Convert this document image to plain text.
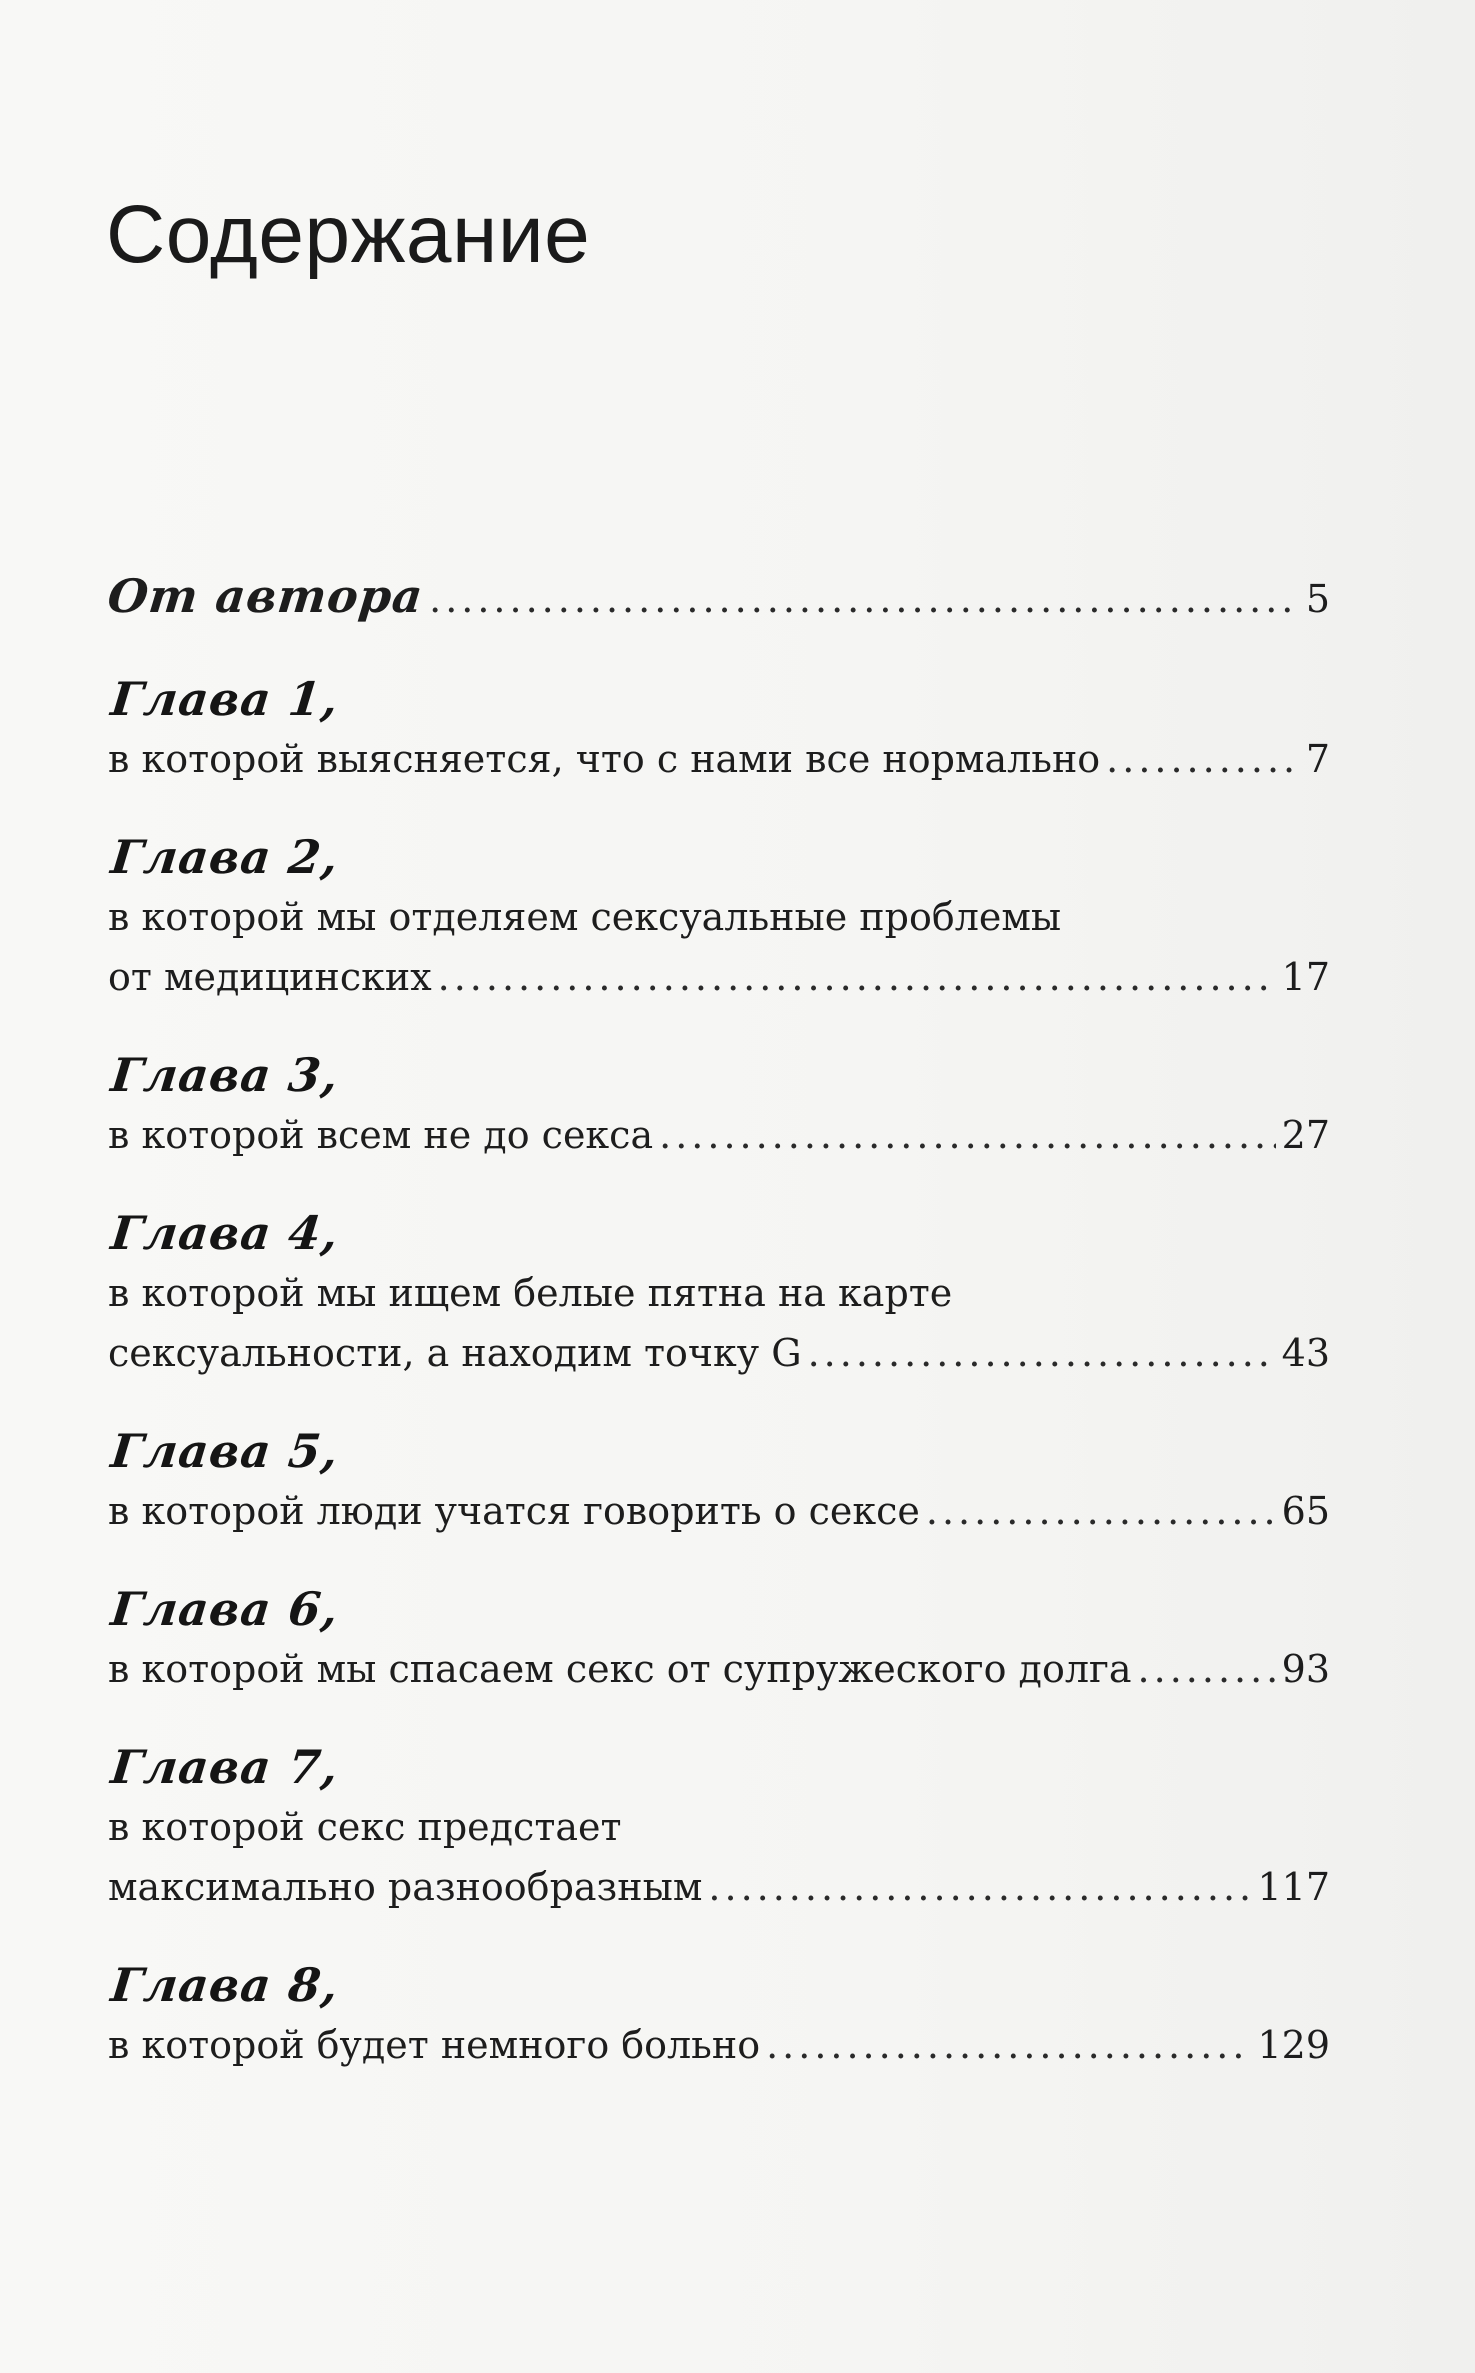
Содержание
От автора .....	5
Глава 1,
в которой выясняется, что с нами все нормально .....	7
Глава 2,
в которой мы отделяем сексуальные проблемы
от медицинских .....	17
Глава 3,
в которой всем не до секса .....	27
Глава 4,
в которой мы ищем белые пятна на карте
сексуальности, а находим точку G .....	43
Глава 5,
в которой люди учатся говорить о сексе .....	65
Глава 6,
в которой мы спасаем секс от супружеского долга .....	93
Глава 7,
в которой секс предстает
максимально разнообразным .....	117
Глава 8,
в которой будет немного больно .....	129
